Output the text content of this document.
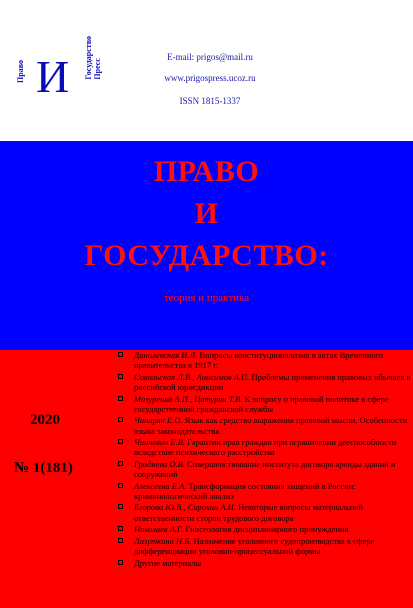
Право И Государство
Пресс
E-mail: prigos@mail.ru
www.prigospress.ucoz.ru
ISSN 1815-1337
ПРАВО
И
ГОСУДАРСТВО:
теория и практика
2020
№ 1(181)
Данилевская И.Л. Вопросы конституционализма в актах Временного правительства в 1917 г.
Сокольская Л.В., Анисимов А.П. Проблемы применения правовых обычаев в российской юрисдикции
Мазуренко А.П., Цатурян Т.В. К вопросу о правовой политике в сфере государственной гражданской службы
Чинарян Е.О. Язык как средство выражения правовой мысли. Особенности языка законодательства
Чинчевич Е.В. Гарантии прав граждан при ограничении дееспособности вследствие психического расстройства
Гриднева О.В. Совершенствование института договора аренды зданий и сооружений
Алексеева Е.А. Трансформация состояния хищений в России: криминологический анализ
Егорова Ю.В., Сирохин А.И. Некоторые вопросы материальной ответственности сторон трудового договора
Николаев А.Г. Гносеология дисциплинарного принуждения
Лазуткина Н.Б. Назначение уголовного судопроизводства в сфере дифференциации уголовно-процессуальной формы
Другие материалы
